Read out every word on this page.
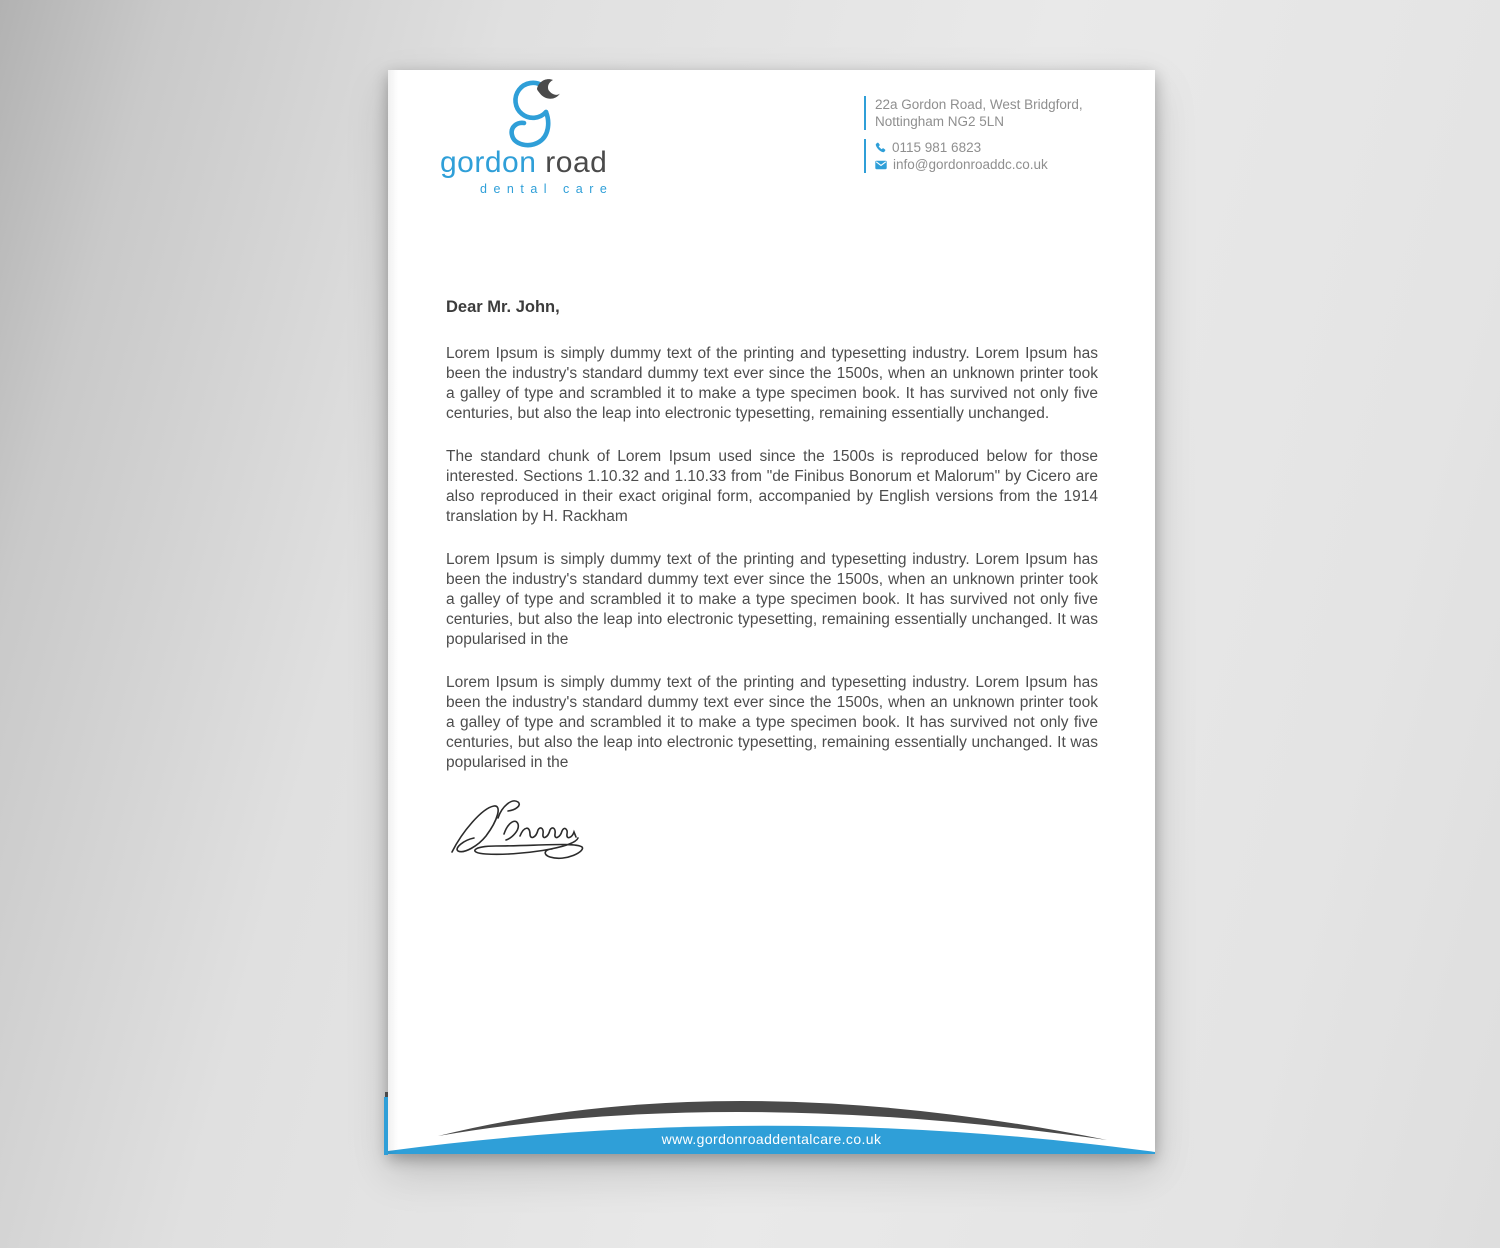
gordon road
dental care
22a Gordon Road, West Bridgford,
Nottingham NG2 5LN
0115 981 6823
info@gordonroaddc.co.uk

Dear Mr. John,

Lorem Ipsum is simply dummy text of the printing and typesetting industry. Lorem Ipsum has been the industry's standard dummy text ever since the 1500s, when an unknown printer took a galley of type and scrambled it to make a type specimen book. It has survived not only five centuries, but also the leap into electronic typesetting, remaining essentially unchanged.

The standard chunk of Lorem Ipsum used since the 1500s is reproduced below for those interested. Sections 1.10.32 and 1.10.33 from "de Finibus Bonorum et Malorum" by Cicero are also reproduced in their exact original form, accompanied by English versions from the 1914 translation by H. Rackham

Lorem Ipsum is simply dummy text of the printing and typesetting industry. Lorem Ipsum has been the industry's standard dummy text ever since the 1500s, when an unknown printer took a galley of type and scrambled it to make a type specimen book. It has survived not only five centuries, but also the leap into electronic typesetting, remaining essentially unchanged. It was popularised in the

Lorem Ipsum is simply dummy text of the printing and typesetting industry. Lorem Ipsum has been the industry's standard dummy text ever since the 1500s, when an unknown printer took a galley of type and scrambled it to make a type specimen book. It has survived not only five centuries, but also the leap into electronic typesetting, remaining essentially unchanged. It was popularised in the

www.gordonroaddentalcare.co.uk
